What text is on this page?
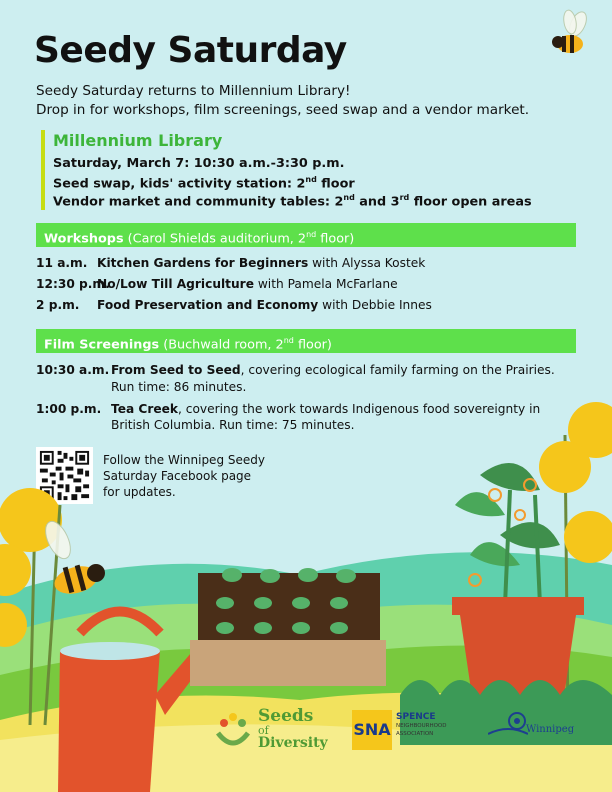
Seedy Saturday
Seedy Saturday returns to Millennium Library!
Drop in for workshops, film screenings, seed swap and a vendor market.
Millennium Library
Saturday, March 7: 10:30 a.m.-3:30 p.m.
Seed swap, kids' activity station: 2nd floor
Vendor market and community tables: 2nd and 3rd floor open areas
Workshops (Carol Shields auditorium, 2nd floor)
11 a.m. Kitchen Gardens for Beginners with Alyssa Kostek
12:30 p.m.No/Low Till Agriculture with Pamela McFarlane
2 p.m. Food Preservation and Economy with Debbie Innes
Film Screenings (Buchwald room, 2nd floor)
10:30 a.m. From Seed to Seed, covering ecological family farming on the Prairies.
Run time: 86 minutes.
1:00 p.m. Tea Creek, covering the work towards Indigenous food sovereignty in
British Columbia. Run time: 75 minutes.
Follow the Winnipeg Seedy
Saturday Facebook page
for updates.
Seeds
of Diversity
SNA
SPENCE
NEIGHBOURHOOD
ASSOCIATION	Winnipeg
